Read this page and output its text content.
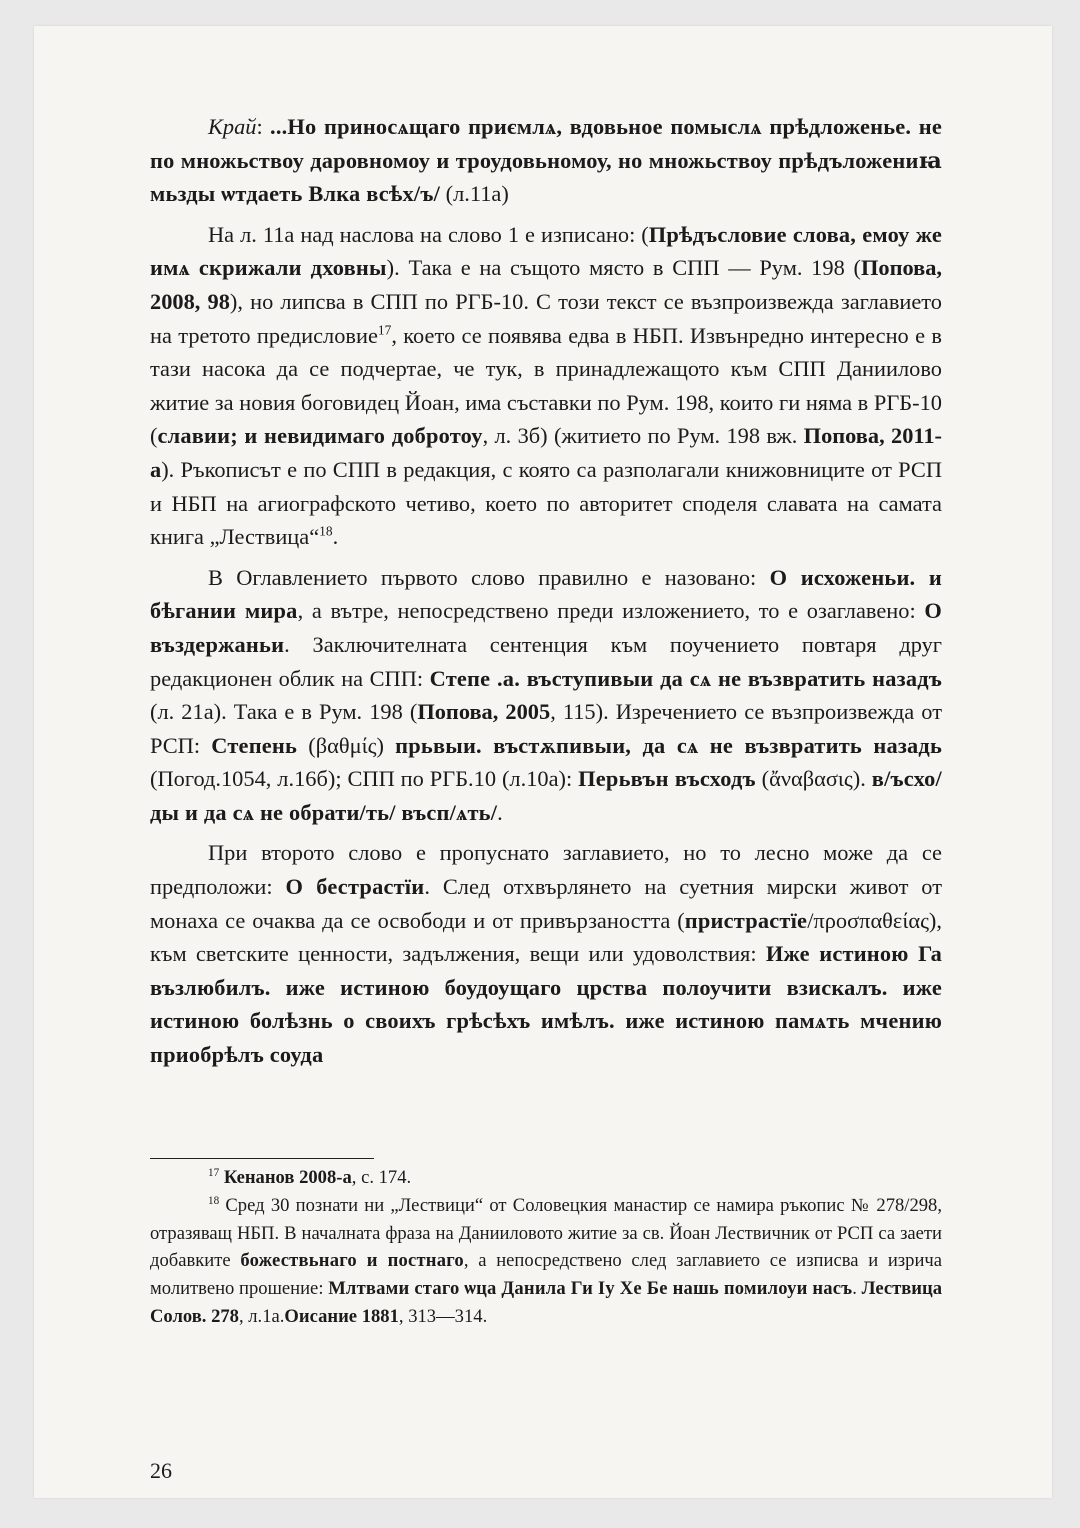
Край: ...Но приносѧщаго приємлѧ, вдовьное помыслѧ прѣдложенье. не по множьствоу даровномоу и троудовьномоу, но множьствоу прѣдъложениꙗ мьзды ѡтдаеть Влка всѣх/ъ/ (л.11а)

На л. 11а над наслова на слово 1 е изписано: (Прѣдъсловие слова, емоу же имѧ скрижали дховны). Така е на същото място в СПП — Рум. 198 (Попова, 2008, 98), но липсва в СПП по РГБ-10. С този текст се възпроизвежда заглавието на третото предисловие$^{17}$, което се появява едва в НБП. Извънредно интересно е в тази насока да се подчертае, че тук, в принадлежащото към СПП Даниилово житие за новия боговидец Йоан, има съставки по Рум. 198, които ги няма в РГБ-10 (славии; и невидимаго добротоу, л. 3б) (житието по Рум. 198 вж. Попова, 2011-а). Ръкописът е по СПП в редакция, с която са разполагали книжовниците от РСП и НБП на агиографското четиво, което по авторитет споделя славата на самата книга „Лествица“$^{18}$.

В Оглавлението първото слово правилно е назовано: О исхоженьи. и бѣгании мира, а вътре, непосредствено преди изложението, то е озаглавено: О въздержаньи. Заключителната сентенция към поучението повтаря друг редакционен облик на СПП: Степе .а. въступивыи да сѧ не възвратить назадъ (л. 21а). Така е в Рум. 198 (Попова, 2005, 115). Изречението се възпроизвежда от РСП: Степень (βαθμίς) прьвыи. въстѫпивыи, да сѧ не възвратить назадь (Погод.1054, л.16б); СПП по РГБ.10 (л.10а): Перьвън въсходъ (ἄναβασις). в/ъсхо/ды и да сѧ не обрати/ть/ въсп/ѧть/.

При второто слово е пропуснато заглавието, но то лесно може да се предположи: О бестрастїи. След отхвърлянето на суетния мирски живот от монаха се очаква да се освободи и от привързаността (пристрастїе/προσπαθείας), към светските ценности, задължения, вещи или удоволствия: Иже истиною Га възлюбилъ. иже истиною боудоущаго црства полоучити взискалъ. иже истиною болѣзнь о своихъ грѣсѣхъ имѣлъ. иже истиною памѧть мчению приобрѣлъ соуда

$^{17}$ Кенанов 2008-а, с. 174.

$^{18}$ Сред 30 познати ни „Лествици“ от Соловецкия манастир се намира ръкопис № 278/298, отразяващ НБП. В началната фраза на Данииловото житие за св. Йоан Лествичник от РСП са заети добавките божествьнаго и постнаго, а непосредствено след заглавието се изписва и изрича молитвено прошение: Млтвами стаго ѡца Данила Ги Іу Хе Бе нашь помилоуи насъ. Лествица Солов. 278, л.1а.Оисание 1881, 313—314.

26
